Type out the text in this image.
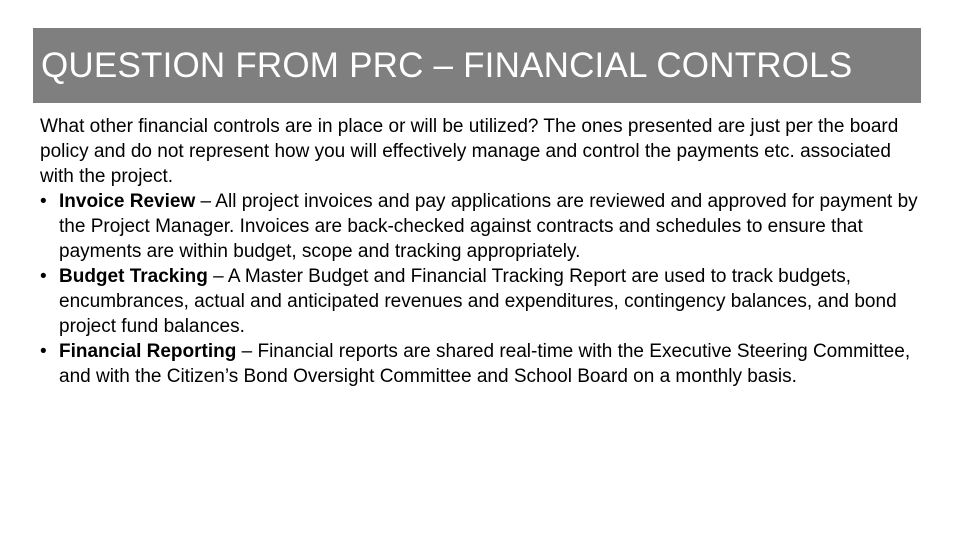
QUESTION FROM PRC – FINANCIAL CONTROLS

What other financial controls are in place or will be utilized? The ones presented are just per the board policy and do not represent how you will effectively manage and control the payments etc. associated with the project.

• Invoice Review – All project invoices and pay applications are reviewed and approved for payment by the Project Manager. Invoices are back-checked against contracts and schedules to ensure that payments are within budget, scope and tracking appropriately.
• Budget Tracking – A Master Budget and Financial Tracking Report are used to track budgets, encumbrances, actual and anticipated revenues and expenditures, contingency balances, and bond project fund balances.
• Financial Reporting – Financial reports are shared real-time with the Executive Steering Committee, and with the Citizen’s Bond Oversight Committee and School Board on a monthly basis.
